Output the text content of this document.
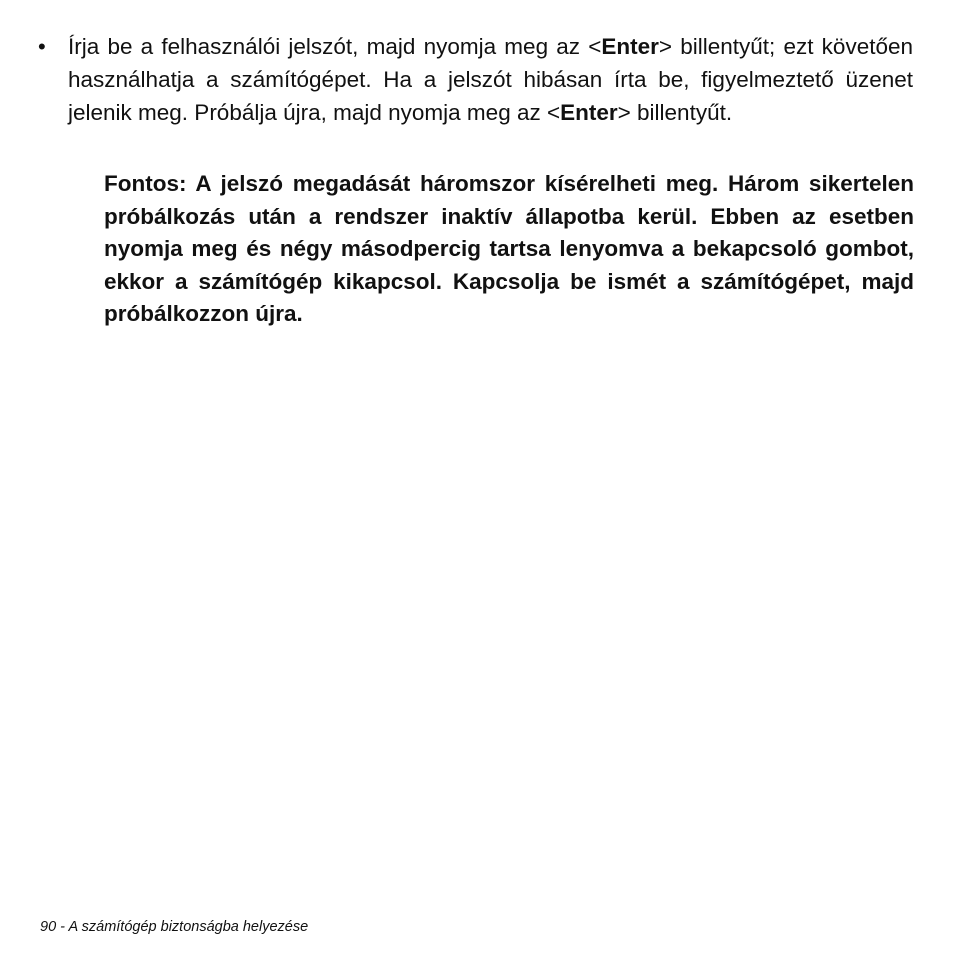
• Írja be a felhasználói jelszót, majd nyomja meg az <Enter> billentyűt; ezt követően használhatja a számítógépet. Ha a jelszót hibásan írta be, figyelmeztető üzenet jelenik meg. Próbálja újra, majd nyomja meg az <Enter> billentyűt.
Fontos: A jelszó megadását háromszor kísérelheti meg. Három sikertelen próbálkozás után a rendszer inaktív állapotba kerül. Ebben az esetben nyomja meg és négy másodpercig tartsa lenyomva a bekapcsoló gombot, ekkor a számítógép kikapcsol. Kapcsolja be ismét a számítógépet, majd próbálkozzon újra.
90 - A számítógép biztonságba helyezése
